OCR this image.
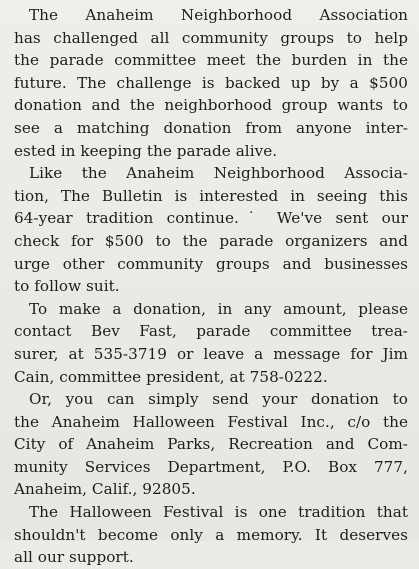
The Anaheim Neighborhood Association
has challenged all community groups to help
the parade committee meet the burden in the
future. The challenge is backed up by a $500
donation and the neighborhood group wants to
see a matching donation from anyone inter-
ested in keeping the parade alive.

Like the Anaheim Neighborhood Associa-
tion, The Bulletin is interested in seeing this
64-year tradition continue.˙ We've sent our
check for $500 to the parade organizers and
urge other community groups and businesses
to follow suit.

To make a donation, in any amount, please
contact Bev Fast, parade committee trea-
surer, at 535-3719 or leave a message for Jim
Cain, committee president, at 758-0222.

Or, you can simply send your donation to
the Anaheim Halloween Festival Inc., c/o the
City of Anaheim Parks, Recreation and Com-
munity Services Department, P.O. Box 777,
Anaheim, Calif., 92805.

The Halloween Festival is one tradition that
shouldn't become only a memory. It deserves
all our support.
